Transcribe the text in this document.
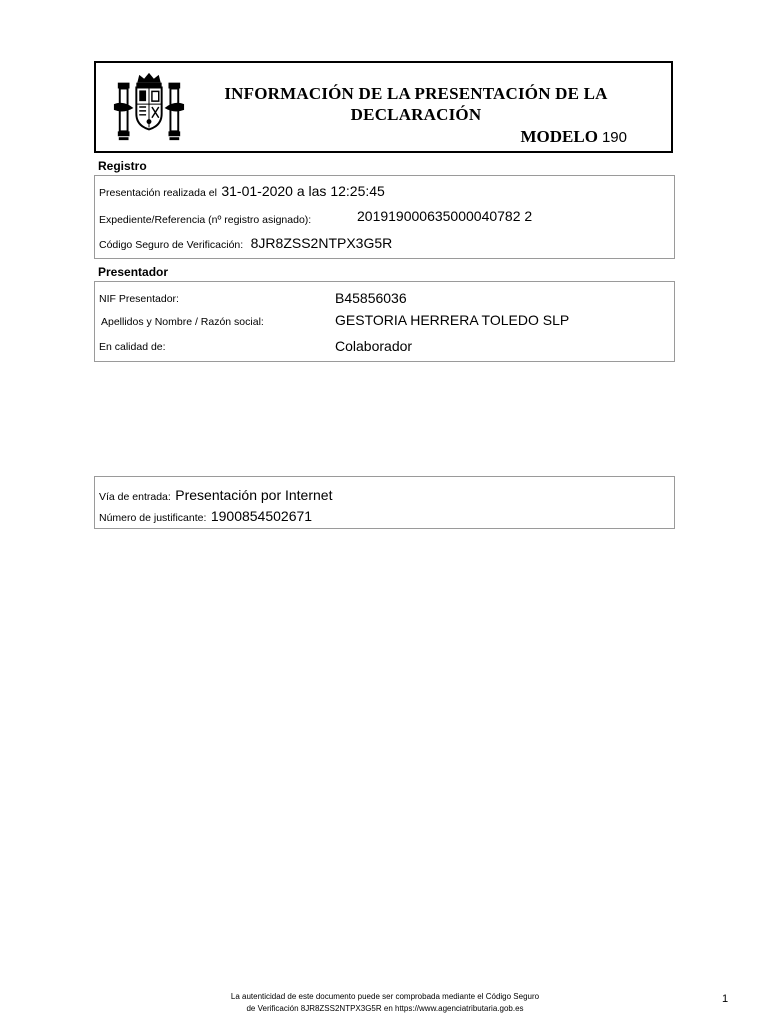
INFORMACIÓN DE LA PRESENTACIÓN DE LA
DECLARACIÓN
MODELO 190
Registro
Presentación realizada el 31-01-2020 a las 12:25:45
Expediente/Referencia (nº registro asignado):	201919000635000040782 2
Código Seguro de Verificación: 8JR8ZSS2NTPX3G5R
Presentador
NIF Presentador:	B45856036
Apellidos y Nombre / Razón social:	GESTORIA HERRERA TOLEDO SLP
En calidad de:	Colaborador
Vía de entrada: Presentación por Internet
Número de justificante: 1900854502671
La autenticidad de este documento puede ser comprobada mediante el Código Seguro
de Verificación 8JR8ZSS2NTPX3G5R en https://www.agenciatributaria.gob.es
1
